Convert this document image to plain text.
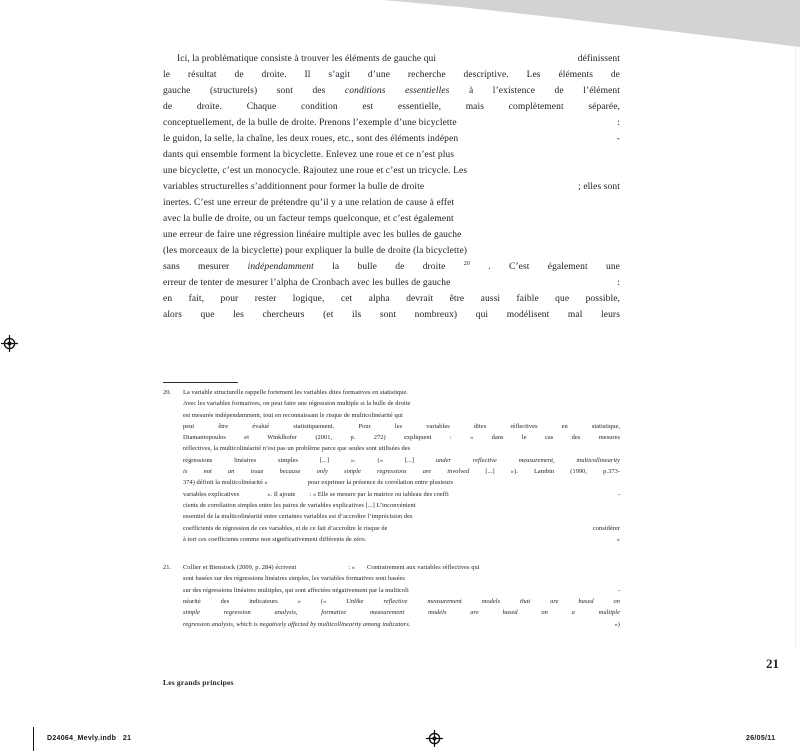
définissent
Ici, la problématique consiste à trouver les éléments de gauche qui
le résultat de droite. Il s’agit d’une recherche descriptive. Les éléments de
gauche (structurels) sont des conditions essentielles à l’existence de l’élément
de droite. Chaque condition est essentielle, mais complètement séparée,
:
conceptuellement, de la bulle de droite. Prenons l’exemple d’une bicyclette
-
le guidon, la selle, la chaîne, les deux roues, etc., sont des éléments indépen
dants qui ensemble forment la bicyclette. Enlevez une roue et ce n’est plus
une bicyclette, c’est un monocycle. Rajoutez une roue et c’est un tricycle. Les
; elles sont
variables structurelles s’additionnent pour former la bulle de droite
inertes. C’est une erreur de prétendre qu’il y a une relation de cause à effet
avec la bulle de droite, ou un facteur temps quelconque, et c’est également
une erreur de faire une régression linéaire multiple avec les bulles de gauche
(les morceaux de la bicyclette) pour expliquer la bulle de droite (la bicyclette)
sans mesurer indépendamment la bulle de droite $^{20}$ . C’est également une
:
erreur de tenter de mesurer l’alpha de Cronbach avec les bulles de gauche
en fait, pour rester logique, cet alpha devrait être aussi faible que possible,
alors que les chercheurs (et ils sont nombreux) qui modélisent mal leurs
20. La variable structurelle rappelle fortement les variables dites formatives en statistique.
Avec les variables formatives, on peut faire une régression multiple si la bulle de droite
est mesurée indépendamment, tout en reconnaissant le risque de multicolinéarité qui
peut être évalué statistiquement. Pour les variables dites réflectives en statistique,
Diamantopoulos et Winklhofer (2001, p. 272) expliquent : « dans le cas des mesures
réflectives, la multicolinéarité n’est pas un problème parce que seules sont utilisées des
régressions linéaires simples [...] ». (« [...] under reflective measurement, multicollinearity
373-
is not an issue because only simple regressions are involved [...] »). Lambin (1990, p.
374) définit la multicolinéarité «	pour exprimer la présence de corrélation entre plusieurs
-
variables explicatives	». Il ajoute : « Elle se mesure par la matrice ou tableau des coeffi
cients de corrélation simples entre les paires de variables explicatives [...] L’inconvénient
essentiel de la multicolinéarité entre certaines variables est d’accroître l’imprécision des
considérer
coefficients de régression de ces variables, et de ce fait d’accroître le risque de
»
à tort ces coefficients comme non significativement différents de zéro.
21. Collier et Bienstock (2009, p. 284) écrivent	: « Contrairement aux variables réflectives qui
sont basées sur des régressions linéaires simples, les variables formatives sont basées
-
sur des régressions linéaires multiples, qui sont affectées négativement par la multicoli
néarité des indicateurs » (« Unlike reflective measurement models that are based on
simple regression analysis, formative measurement models are based on a multiple
»)
regression analysis, which is negatively affected by multicollinearity among indicators.
Les grands principes
21
D24064_Mevly.indb   21	26/05/11
